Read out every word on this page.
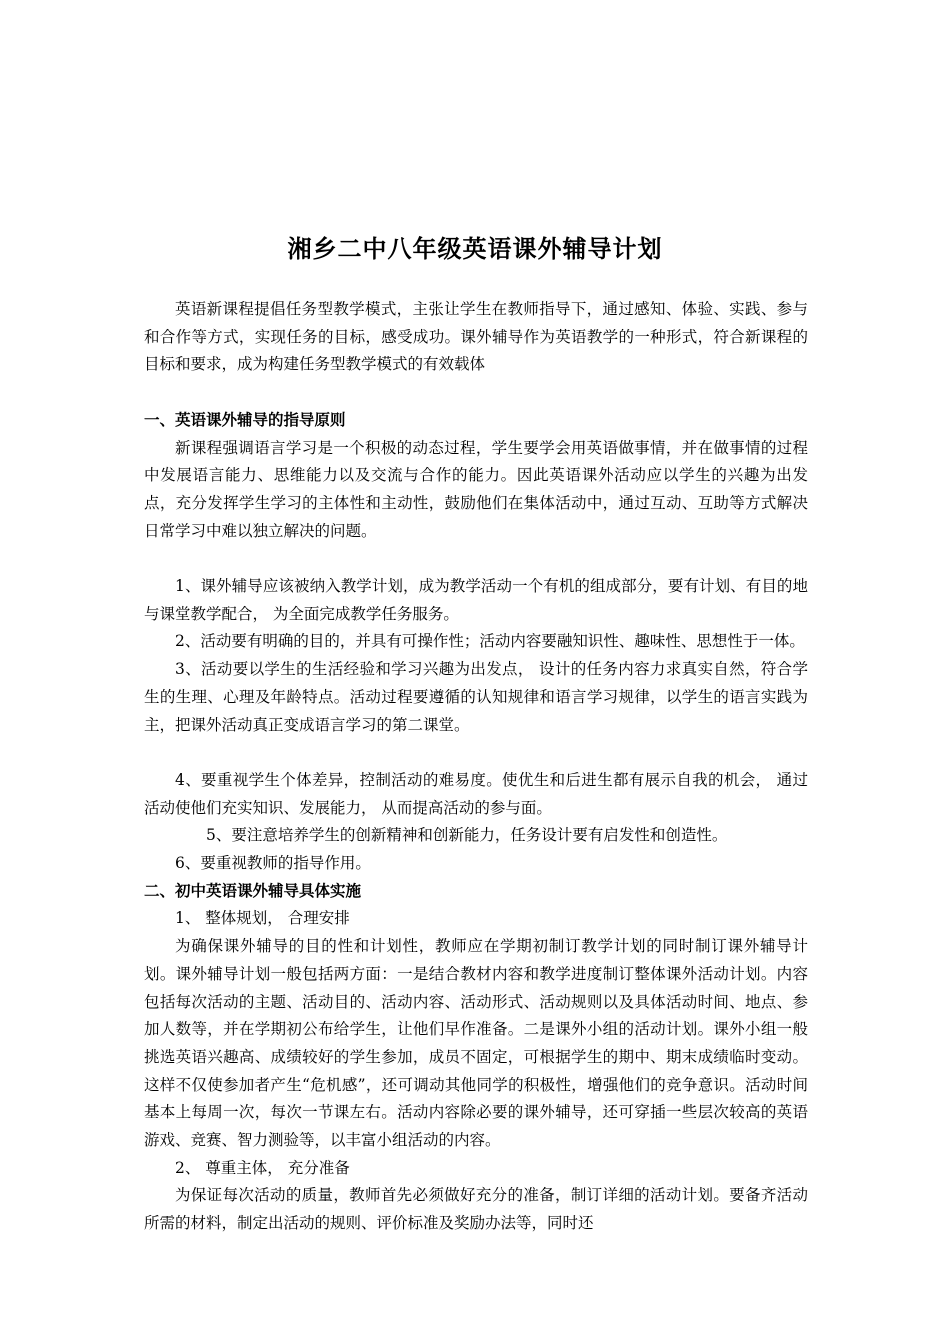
湘乡二中八年级英语课外辅导计划

英语新课程提倡任务型教学模式，主张让学生在教师指导下，通过感知、体验、实践、参与和合作等方式，实现任务的目标，感受成功。课外辅导作为英语教学的一种形式，符合新课程的目标和要求，成为构建任务型教学模式的有效载体

一、英语课外辅导的指导原则

新课程强调语言学习是一个积极的动态过程，学生要学会用英语做事情，并在做事情的过程中发展语言能力、思维能力以及交流与合作的能力。因此英语课外活动应以学生的兴趣为出发点，充分发挥学生学习的主体性和主动性，鼓励他们在集体活动中，通过互动、互助等方式解决日常学习中难以独立解决的问题。

1、课外辅导应该被纳入教学计划，成为教学活动一个有机的组成部分，要有计划、有目的地与课堂教学配合， 为全面完成教学任务服务。

2、活动要有明确的目的，并具有可操作性；活动内容要融知识性、趣味性、思想性于一体。

3、活动要以学生的生活经验和学习兴趣为出发点， 设计的任务内容力求真实自然，符合学生的生理、心理及年龄特点。活动过程要遵循的认知规律和语言学习规律，以学生的语言实践为主，把课外活动真正变成语言学习的第二课堂。

4、要重视学生个体差异，控制活动的难易度。使优生和后进生都有展示自我的机会， 通过活动使他们充实知识、发展能力， 从而提高活动的参与面。

5、要注意培养学生的创新精神和创新能力，任务设计要有启发性和创造性。

6、要重视教师的指导作用。

二、初中英语课外辅导具体实施

1、 整体规划， 合理安排

为确保课外辅导的目的性和计划性，教师应在学期初制订教学计划的同时制订课外辅导计划。课外辅导计划一般包括两方面：一是结合教材内容和教学进度制订整体课外活动计划。内容包括每次活动的主题、活动目的、活动内容、活动形式、活动规则以及具体活动时间、地点、参加人数等，并在学期初公布给学生，让他们早作准备。二是课外小组的活动计划。课外小组一般挑选英语兴趣高、成绩较好的学生参加，成员不固定，可根据学生的期中、期末成绩临时变动。这样不仅使参加者产生“危机感”，还可调动其他同学的积极性，增强他们的竞争意识。活动时间基本上每周一次，每次一节课左右。活动内容除必要的课外辅导，还可穿插一些层次较高的英语游戏、竞赛、智力测验等，以丰富小组活动的内容。

2、 尊重主体， 充分准备

为保证每次活动的质量，教师首先必须做好充分的准备，制订详细的活动计划。要备齐活动所需的材料，制定出活动的规则、评价标准及奖励办法等，同时还
